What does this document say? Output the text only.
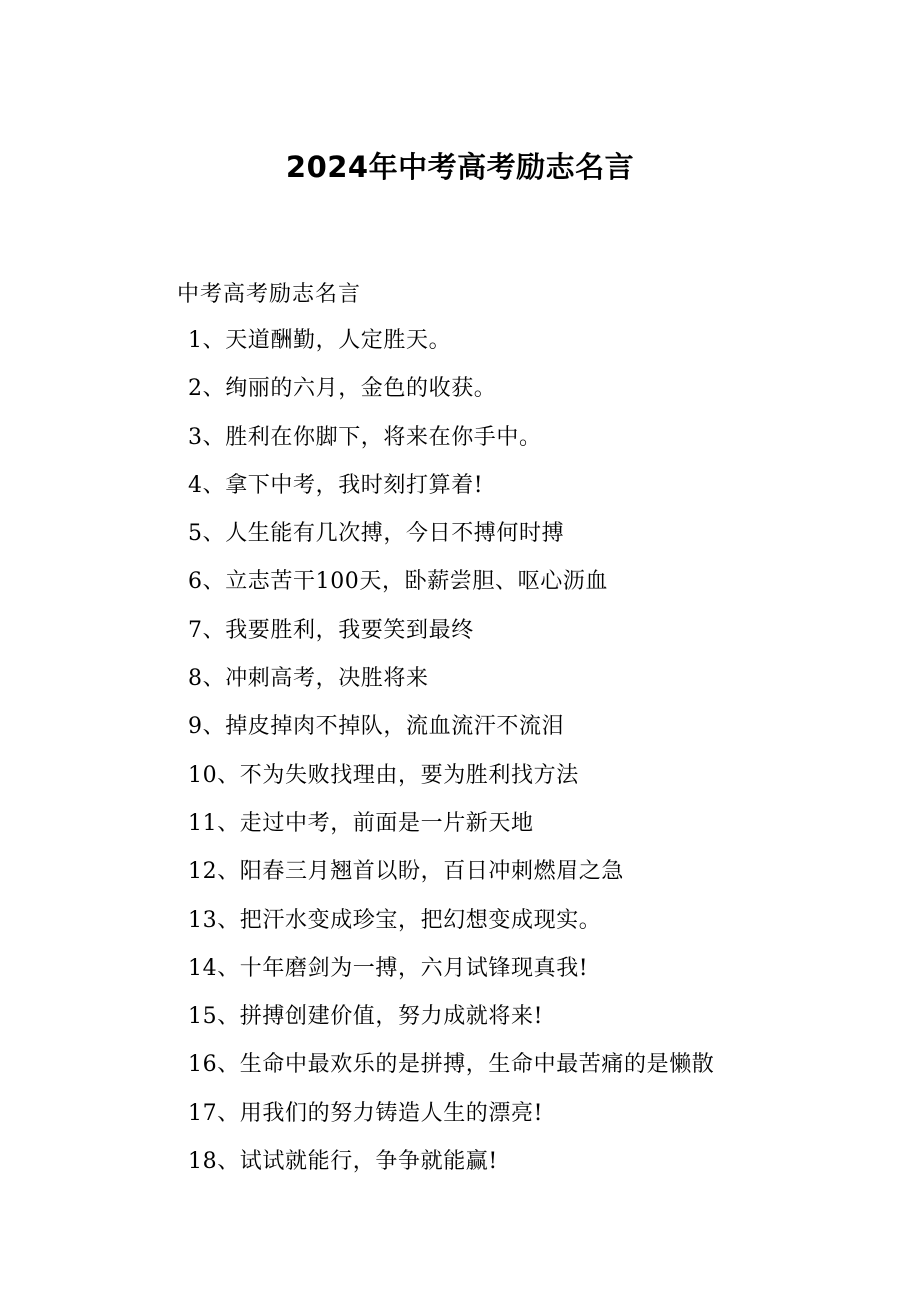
2024年中考高考励志名言
中考高考励志名言
1、天道酬勤，人定胜天。
2、绚丽的六月，金色的收获。
3、胜利在你脚下，将来在你手中。
4、拿下中考，我时刻打算着!
5、人生能有几次搏，今日不搏何时搏
6、立志苦干100天，卧薪尝胆、呕心沥血
7、我要胜利，我要笑到最终
8、冲刺高考，决胜将来
9、掉皮掉肉不掉队，流血流汗不流泪
10、不为失败找理由，要为胜利找方法
11、走过中考，前面是一片新天地
12、阳春三月翘首以盼，百日冲刺燃眉之急
13、把汗水变成珍宝，把幻想变成现实。
14、十年磨剑为一搏，六月试锋现真我!
15、拼搏创建价值，努力成就将来!
16、生命中最欢乐的是拼搏，生命中最苦痛的是懒散
17、用我们的努力铸造人生的漂亮!
18、试试就能行，争争就能赢!
